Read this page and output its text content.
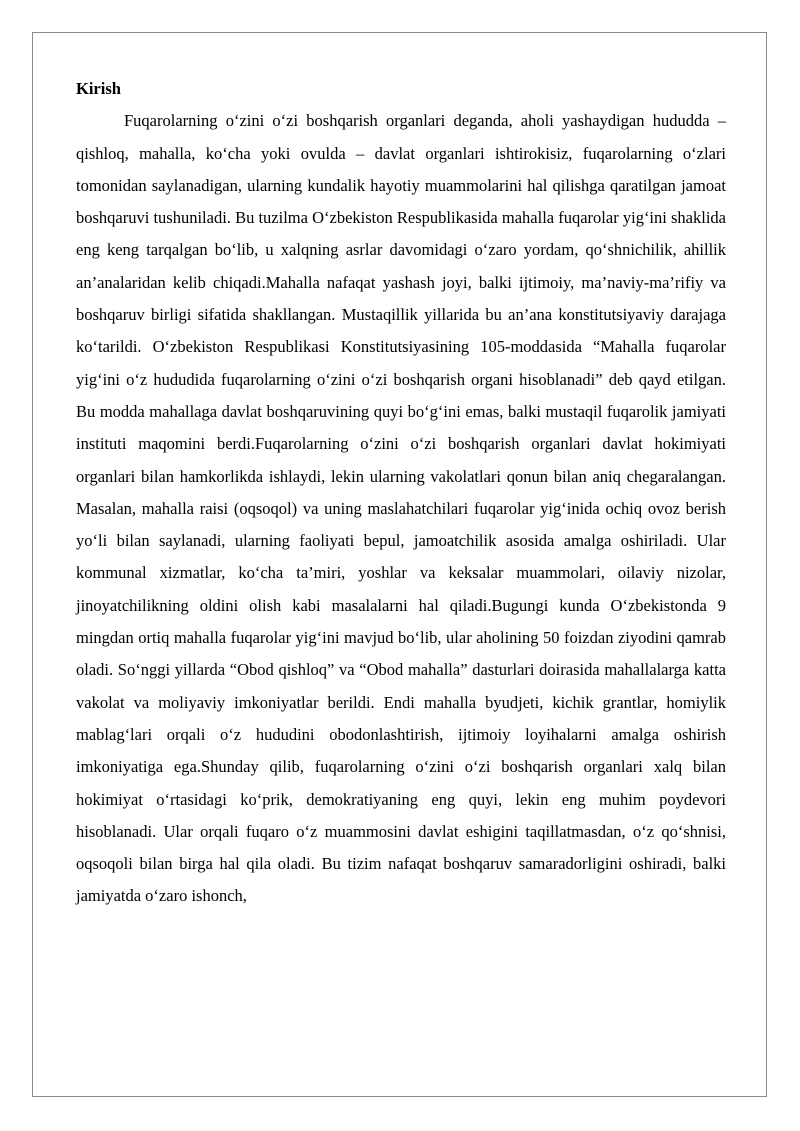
Kirish

Fuqarolarning o‘zini o‘zi boshqarish organlari deganda, aholi yashaydigan hududda – qishloq, mahalla, ko‘cha yoki ovulda – davlat organlari ishtirokisiz, fuqarolarning o‘zlari tomonidan saylanadigan, ularning kundalik hayotiy muammolarini hal qilishga qaratilgan jamoat boshqaruvi tushuniladi. Bu tuzilma O‘zbekiston Respublikasida mahalla fuqarolar yig‘ini shaklida eng keng tarqalgan bo‘lib, u xalqning asrlar davomidagi o‘zaro yordam, qo‘shnichilik, ahillik an’analaridan kelib chiqadi.Mahalla nafaqat yashash joyi, balki ijtimoiy, ma’naviy-ma’rifiy va boshqaruv birligi sifatida shakllangan. Mustaqillik yillarida bu an’ana konstitutsiyaviy darajaga ko‘tarildi. O‘zbekiston Respublikasi Konstitutsiyasining 105-moddasida “Mahalla fuqarolar yig‘ini o‘z hududida fuqarolarning o‘zini o‘zi boshqarish organi hisoblanadi” deb qayd etilgan. Bu modda mahallaga davlat boshqaruvining quyi bo‘g‘ini emas, balki mustaqil fuqarolik jamiyati instituti maqomini berdi.Fuqarolarning o‘zini o‘zi boshqarish organlari davlat hokimiyati organlari bilan hamkorlikda ishlaydi, lekin ularning vakolatlari qonun bilan aniq chegaralangan. Masalan, mahalla raisi (oqsoqol) va uning maslahatchilari fuqarolar yig‘inida ochiq ovoz berish yo‘li bilan saylanadi, ularning faoliyati bepul, jamoatchilik asosida amalga oshiriladi. Ular kommunal xizmatlar, ko‘cha ta’miri, yoshlar va keksalar muammolari, oilaviy nizolar, jinoyatchilikning oldini olish kabi masalalarni hal qiladi.Bugungi kunda O‘zbekistonda 9 mingdan ortiq mahalla fuqarolar yig‘ini mavjud bo‘lib, ular aholining 50 foizdan ziyodini qamrab oladi. So‘nggi yillarda “Obod qishloq” va “Obod mahalla” dasturlari doirasida mahallalarga katta vakolat va moliyaviy imkoniyatlar berildi. Endi mahalla byudjeti, kichik grantlar, homiylik mablag‘lari orqali o‘z hududini obodonlashtirish, ijtimoiy loyihalarni amalga oshirish imkoniyatiga ega.Shunday qilib, fuqarolarning o‘zini o‘zi boshqarish organlari xalq bilan hokimiyat o‘rtasidagi ko‘prik, demokratiyaning eng quyi, lekin eng muhim poydevori hisoblanadi. Ular orqali fuqaro o‘z muammosini davlat eshigini taqillatmasdan, o‘z qo‘shnisi, oqsoqoli bilan birga hal qila oladi. Bu tizim nafaqat boshqaruv samaradorligini oshiradi, balki jamiyatda o‘zaro ishonch,
